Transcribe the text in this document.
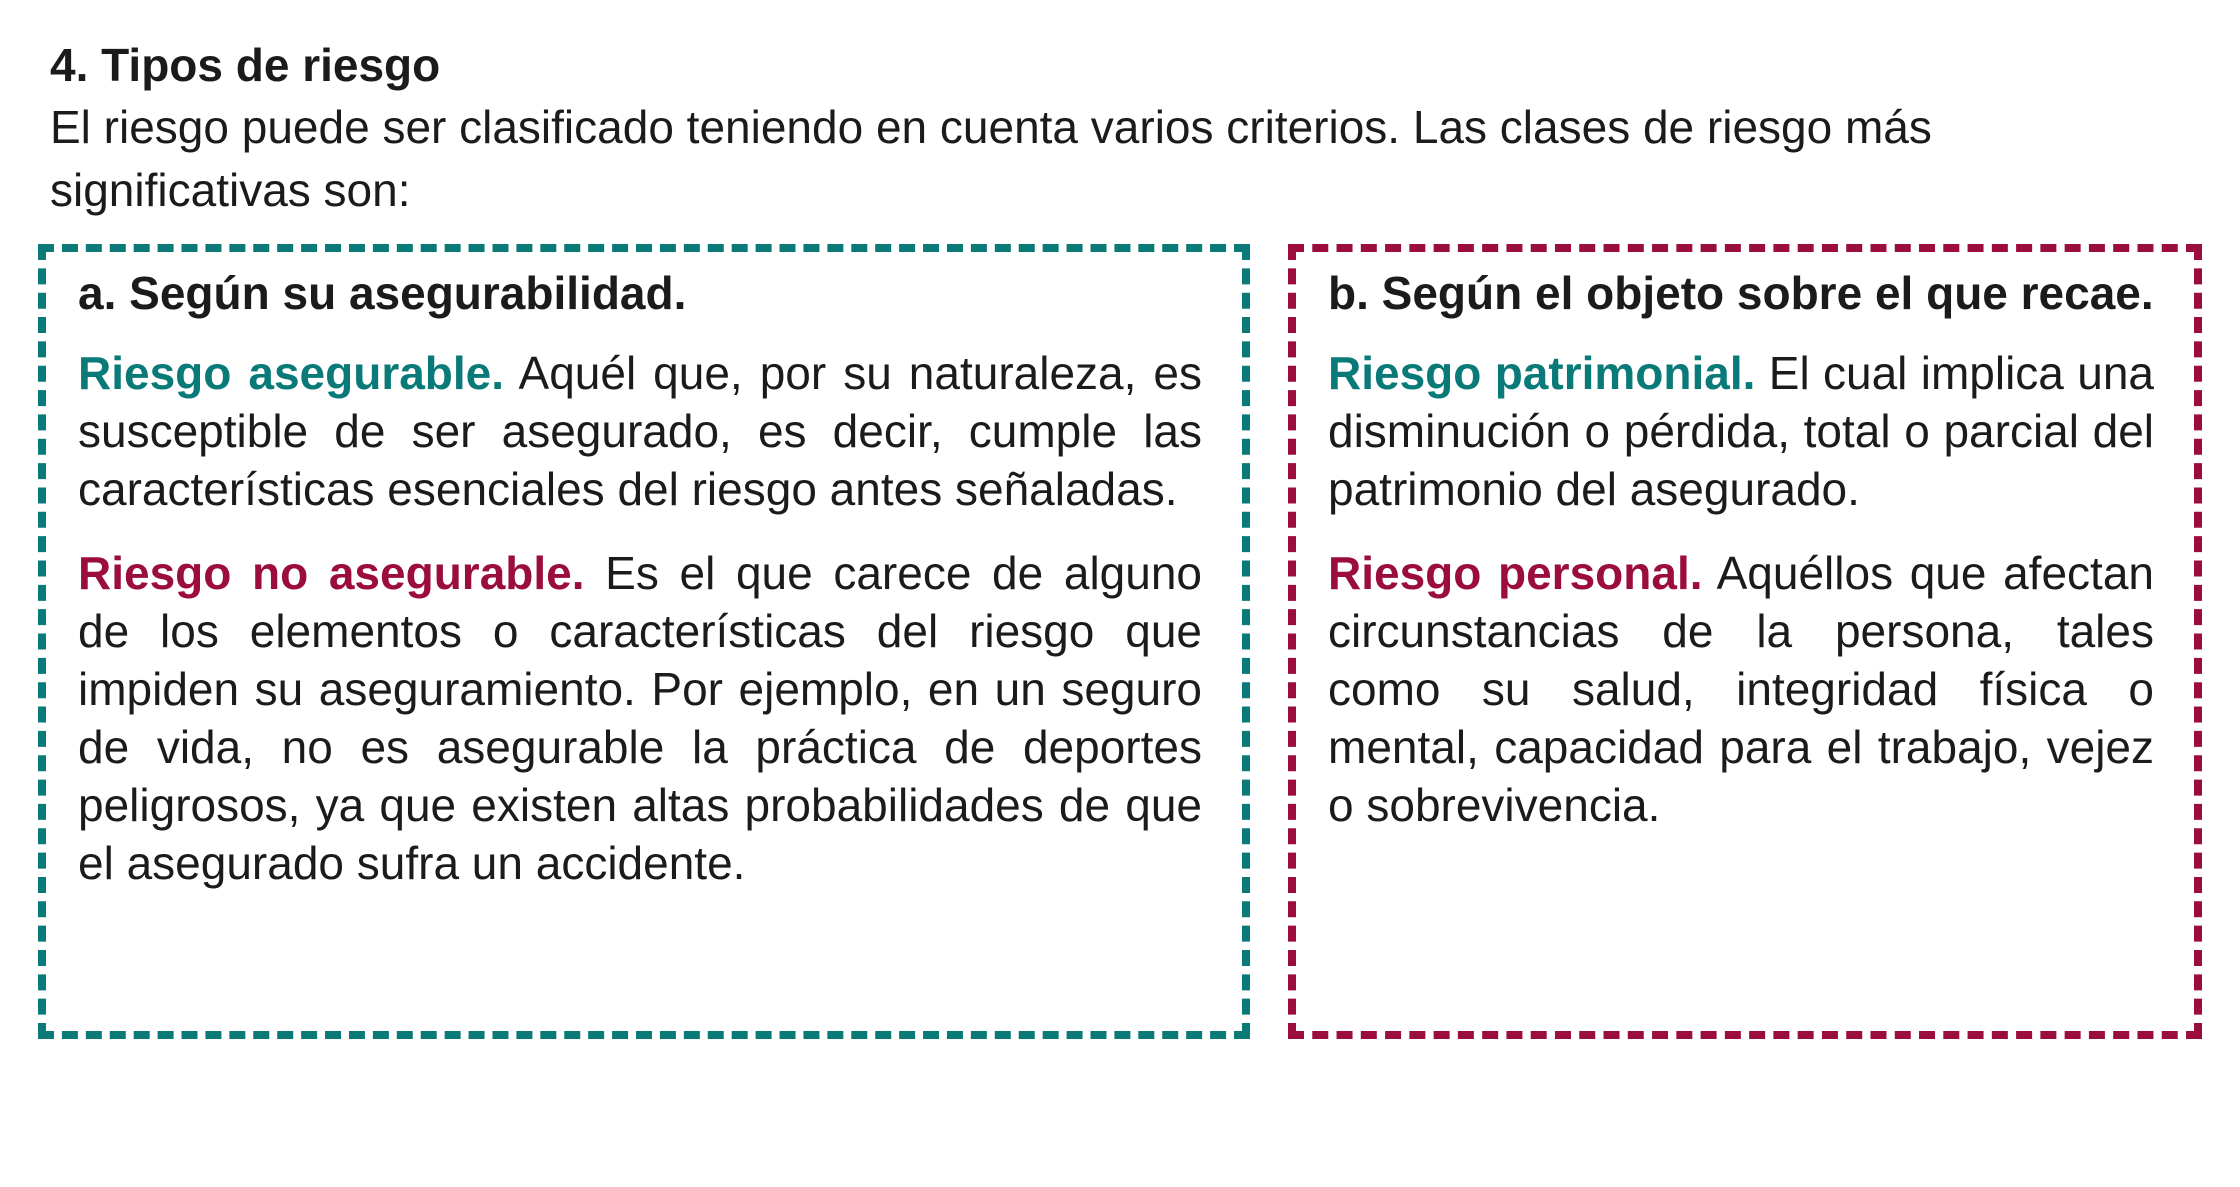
4. Tipos de riesgo

El riesgo puede ser clasificado teniendo en cuenta varios criterios. Las clases de riesgo más significativas son:

a. Según su asegurabilidad.

Riesgo asegurable. Aquél que, por su naturaleza, es susceptible de ser asegurado, es decir, cumple las características esenciales del riesgo antes señaladas.

Riesgo no asegurable. Es el que carece de alguno de los elementos o características del riesgo que impiden su aseguramiento. Por ejemplo, en un seguro de vida, no es asegurable la práctica de deportes peligrosos, ya que existen altas probabilidades de que el asegurado sufra un accidente.

b. Según el objeto sobre el que recae.

Riesgo patrimonial. El cual implica una disminución o pérdida, total o parcial del patrimonio del asegurado.

Riesgo personal. Aquéllos que afectan circunstancias de la persona, tales como su salud, integridad física o mental, capacidad para el trabajo, vejez o sobrevivencia.
